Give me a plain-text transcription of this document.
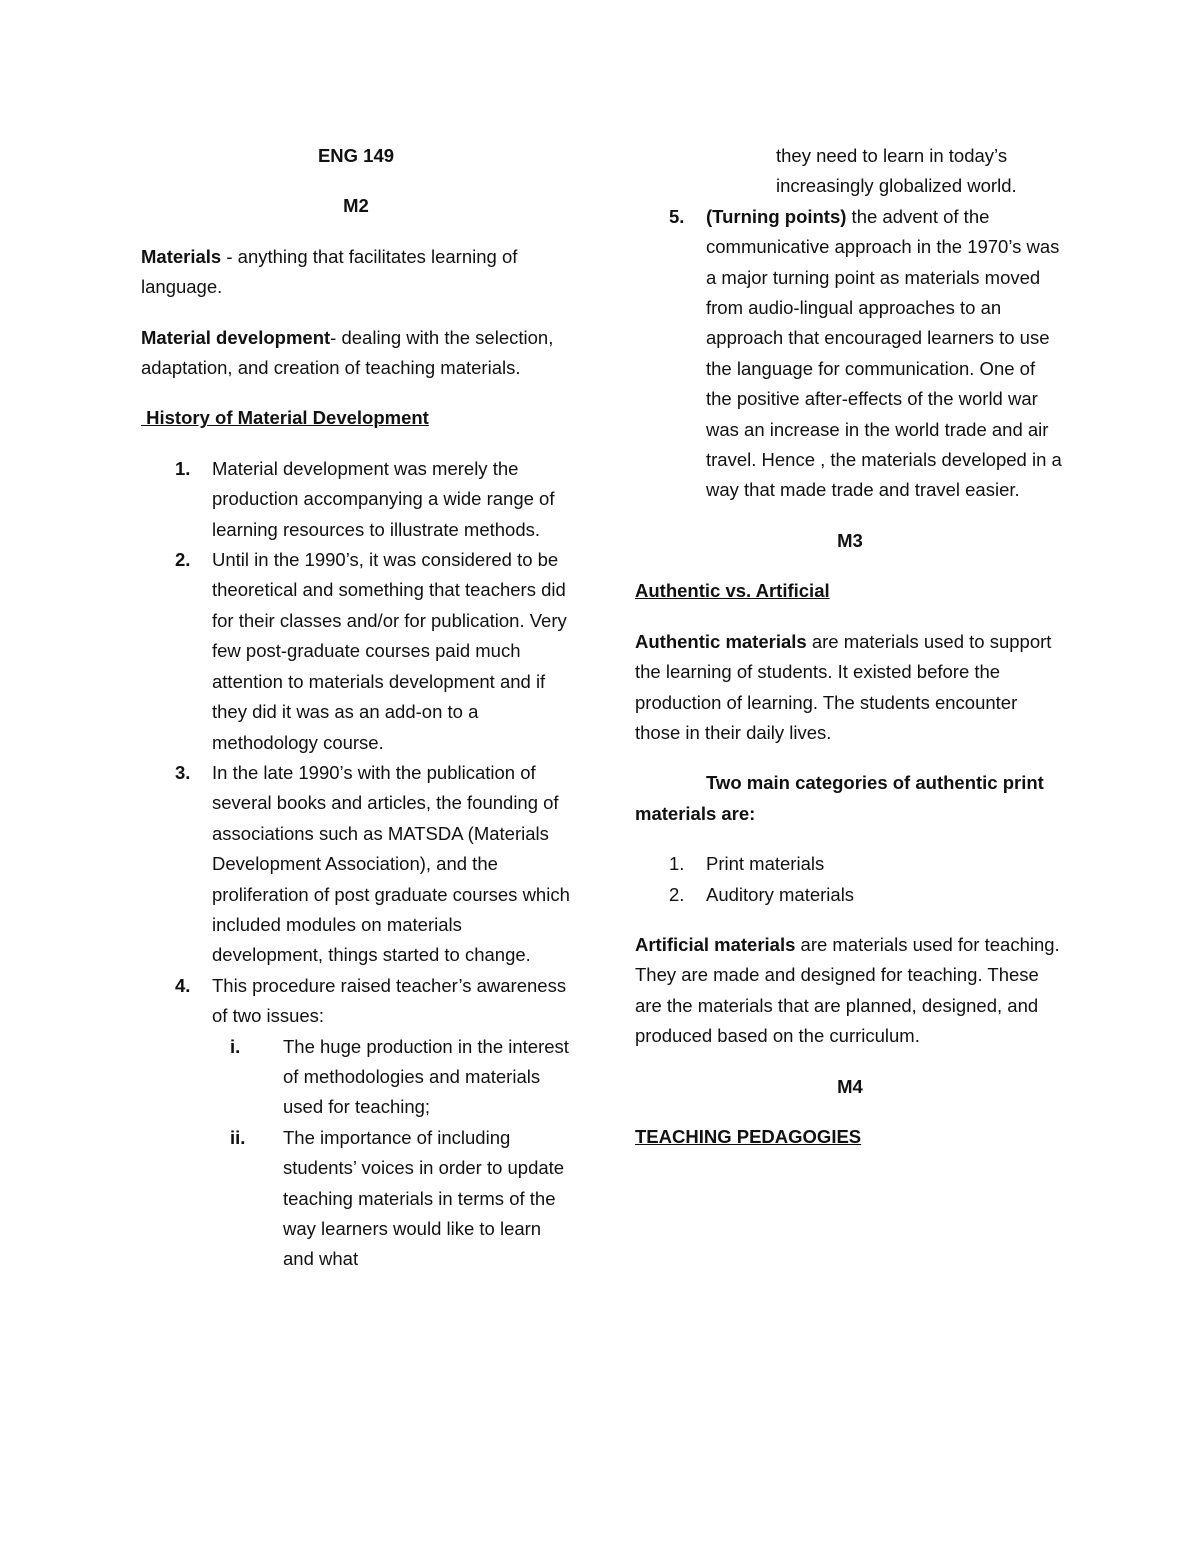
ENG 149

M2

Materials - anything that facilitates learning of language.

Material development- dealing with the selection, adaptation, and creation of teaching materials.

History of Material Development

1. Material development was merely the production accompanying a wide range of learning resources to illustrate methods.
2. Until in the 1990’s, it was considered to be theoretical and something that teachers did for their classes and/or for publication. Very few post-graduate courses paid much attention to materials development and if they did it was as an add-on to a methodology course.
3. In the late 1990’s with the publication of several books and articles, the founding of associations such as MATSDA (Materials Development Association), and the proliferation of post graduate courses which included modules on materials development, things started to change.
4. This procedure raised teacher’s awareness of two issues:
i. The huge production in the interest of methodologies and materials used for teaching;
ii. The importance of including students’ voices in order to update teaching materials in terms of the way learners would like to learn and what

they need to learn in today’s increasingly globalized world.

5. (Turning points) the advent of the communicative approach in the 1970’s was a major turning point as materials moved from audio-lingual approaches to an approach that encouraged learners to use the language for communication. One of the positive after-effects of the world war was an increase in the world trade and air travel. Hence , the materials developed in a way that made trade and travel easier.

M3

Authentic vs. Artificial

Authentic materials are materials used to support the learning of students. It existed before the production of learning. The students encounter those in their daily lives.

Two main categories of authentic print materials are:

1. Print materials
2. Auditory materials

Artificial materials are materials used for teaching. They are made and designed for teaching. These are the materials that are planned, designed, and produced based on the curriculum.

M4

TEACHING PEDAGOGIES
